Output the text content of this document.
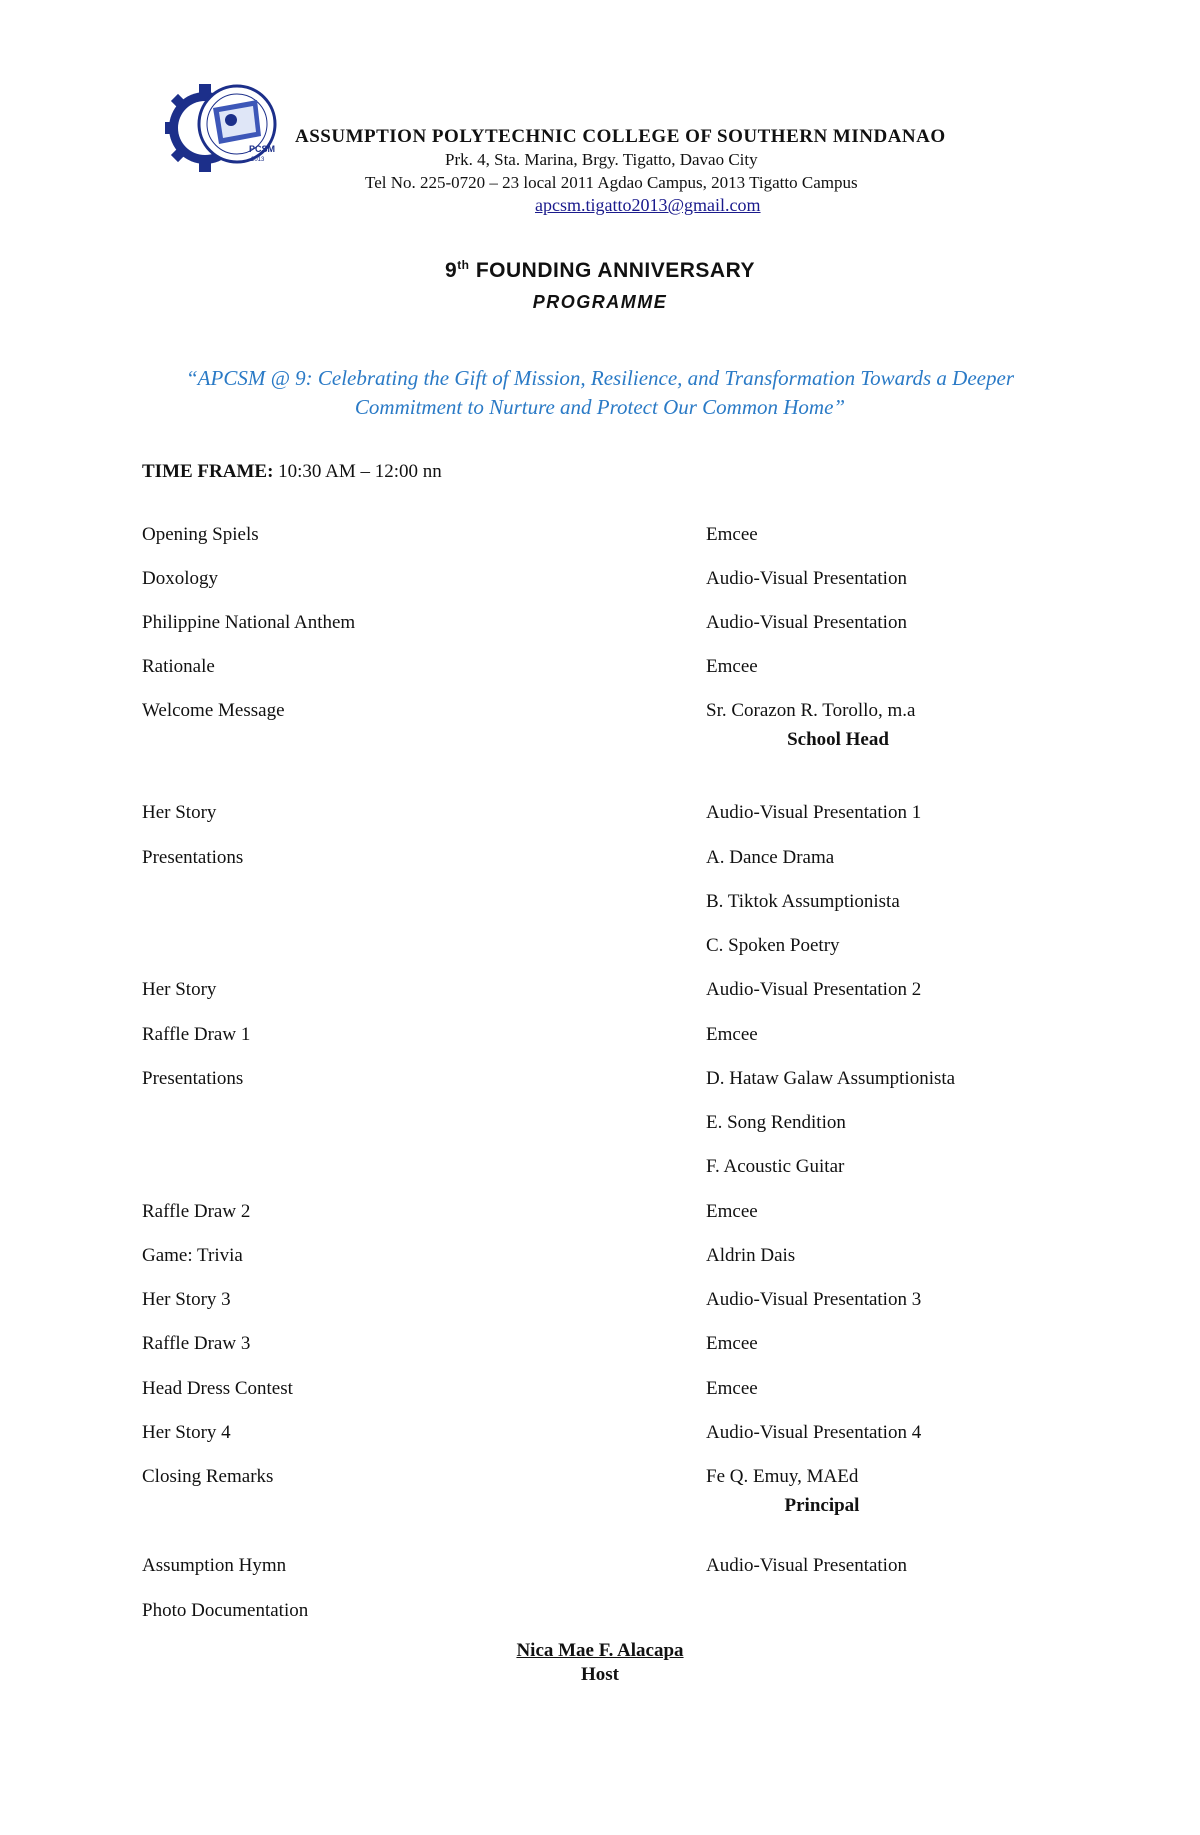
PCSM
2013
ASSUMPTION POLYTECHNIC COLLEGE OF SOUTHERN MINDANAO
Prk. 4, Sta. Marina, Brgy. Tigatto, Davao City
Tel No. 225-0720 – 23 local 2011 Agdao Campus, 2013 Tigatto Campus
apcsm.tigatto2013@gmail.com
9th FOUNDING ANNIVERSARY
PROGRAMME
“APCSM @ 9: Celebrating the Gift of Mission, Resilience, and Transformation Towards a Deeper Commitment to Nurture and Protect Our Common Home”
TIME FRAME: 10:30 AM – 12:00 nn
Opening Spiels	Emcee
Doxology	Audio-Visual Presentation
Philippine National Anthem	Audio-Visual Presentation
Rationale	Emcee
Welcome Message	Sr. Corazon R. Torollo, m.a
School Head
Her Story	Audio-Visual Presentation 1
Presentations	A. Dance Drama
B. Tiktok Assumptionista
C. Spoken Poetry
Her Story	Audio-Visual Presentation 2
Raffle Draw 1	Emcee
Presentations	D. Hataw Galaw Assumptionista
E. Song Rendition
F. Acoustic Guitar
Raffle Draw 2	Emcee
Game: Trivia	Aldrin Dais
Her Story 3	Audio-Visual Presentation 3
Raffle Draw 3	Emcee
Head Dress Contest	Emcee
Her Story 4	Audio-Visual Presentation 4
Closing Remarks	Fe Q. Emuy, MAEd
Principal
Assumption Hymn	Audio-Visual Presentation
Photo Documentation
Nica Mae F. Alacapa
Host
